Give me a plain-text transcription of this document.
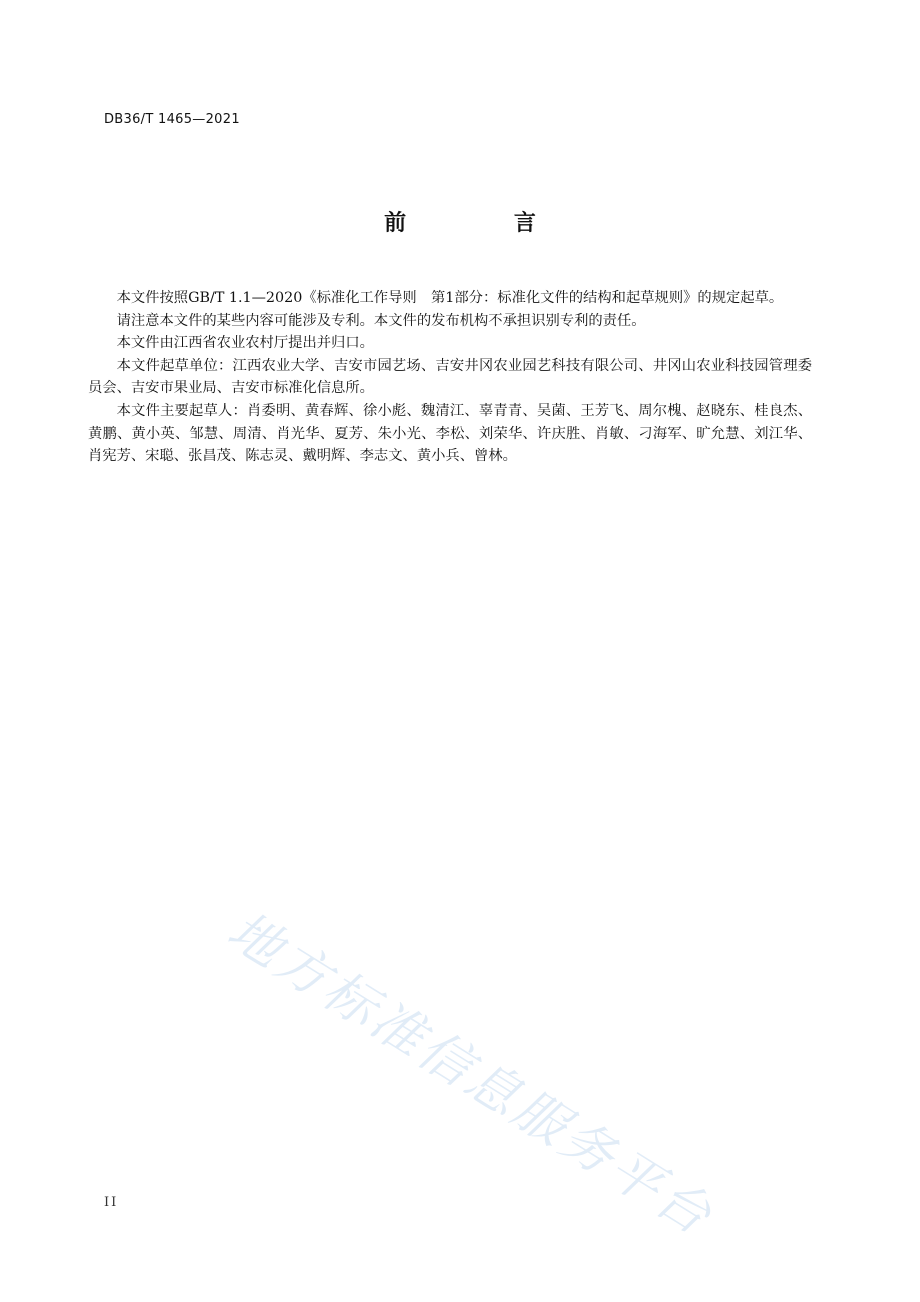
DB36/T 1465—2021
前 言

本文件按照GB/T 1.1—2020《标准化工作导则　第1部分：标准化文件的结构和起草规则》的规定起草。

请注意本文件的某些内容可能涉及专利。本文件的发布机构不承担识别专利的责任。

本文件由江西省农业农村厅提出并归口。

本文件起草单位：江西农业大学、吉安市园艺场、吉安井冈农业园艺科技有限公司、井冈山农业科技园管理委员会、吉安市果业局、吉安市标准化信息所。

本文件主要起草人：肖委明、黄春辉、徐小彪、魏清江、辜青青、吴菌、王芳飞、周尔槐、赵晓东、桂良杰、黄鹏、黄小英、邹慧、周清、肖光华、夏芳、朱小光、李松、刘荣华、许庆胜、肖敏、刁海军、旷允慧、刘江华、肖宪芳、宋聪、张昌茂、陈志灵、戴明辉、李志文、黄小兵、曾林。

地方标准信息服务平台
II
